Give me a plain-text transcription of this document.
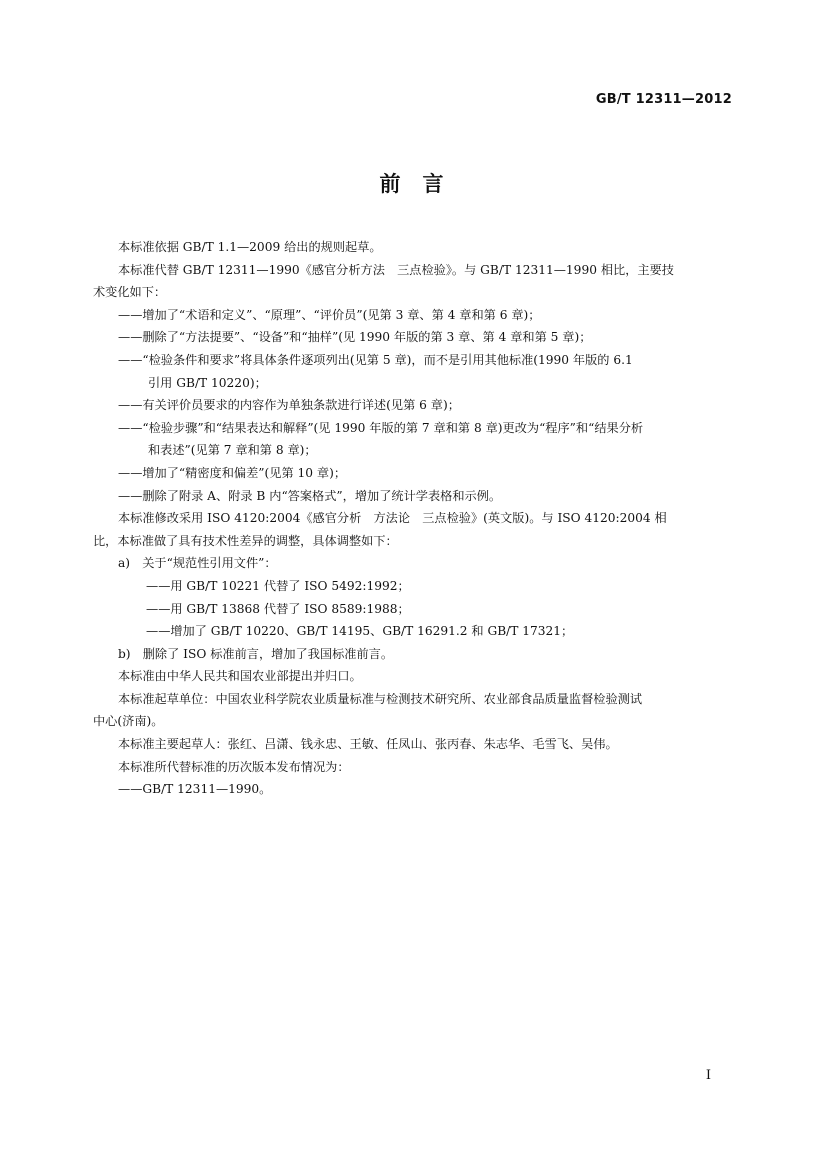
GB/T 12311—2012
前言

本标准依据 GB/T 1.1—2009 给出的规则起草。

本标准代替 GB/T 12311—1990《感官分析方法　三点检验》。与 GB/T 12311—1990 相比，主要技

术变化如下：

——增加了“术语和定义”、“原理”、“评价员”(见第 3 章、第 4 章和第 6 章)；

——删除了“方法提要”、“设备”和“抽样”(见 1990 年版的第 3 章、第 4 章和第 5 章)；

——“检验条件和要求”将具体条件逐项列出(见第 5 章)，而不是引用其他标准(1990 年版的 6.1

引用 GB/T 10220)；

——有关评价员要求的内容作为单独条款进行详述(见第 6 章)；

——“检验步骤”和“结果表达和解释”(见 1990 年版的第 7 章和第 8 章)更改为“程序”和“结果分析

和表述”(见第 7 章和第 8 章)；

——增加了“精密度和偏差”(见第 10 章)；

——删除了附录 A、附录 B 内“答案格式”，增加了统计学表格和示例。

本标准修改采用 ISO 4120:2004《感官分析　方法论　三点检验》(英文版)。与 ISO 4120:2004 相

比，本标准做了具有技术性差异的调整，具体调整如下：

a)　关于“规范性引用文件”：

——用 GB/T 10221 代替了 ISO 5492:1992；

——用 GB/T 13868 代替了 ISO 8589:1988；

——增加了 GB/T 10220、GB/T 14195、GB/T 16291.2 和 GB/T 17321；

b)　删除了 ISO 标准前言，增加了我国标准前言。

本标准由中华人民共和国农业部提出并归口。

本标准起草单位：中国农业科学院农业质量标准与检测技术研究所、农业部食品质量监督检验测试

中心(济南)。

本标准主要起草人：张红、吕潇、钱永忠、王敏、任凤山、张丙春、朱志华、毛雪飞、吴伟。

本标准所代替标准的历次版本发布情况为：

——GB/T 12311—1990。

I
